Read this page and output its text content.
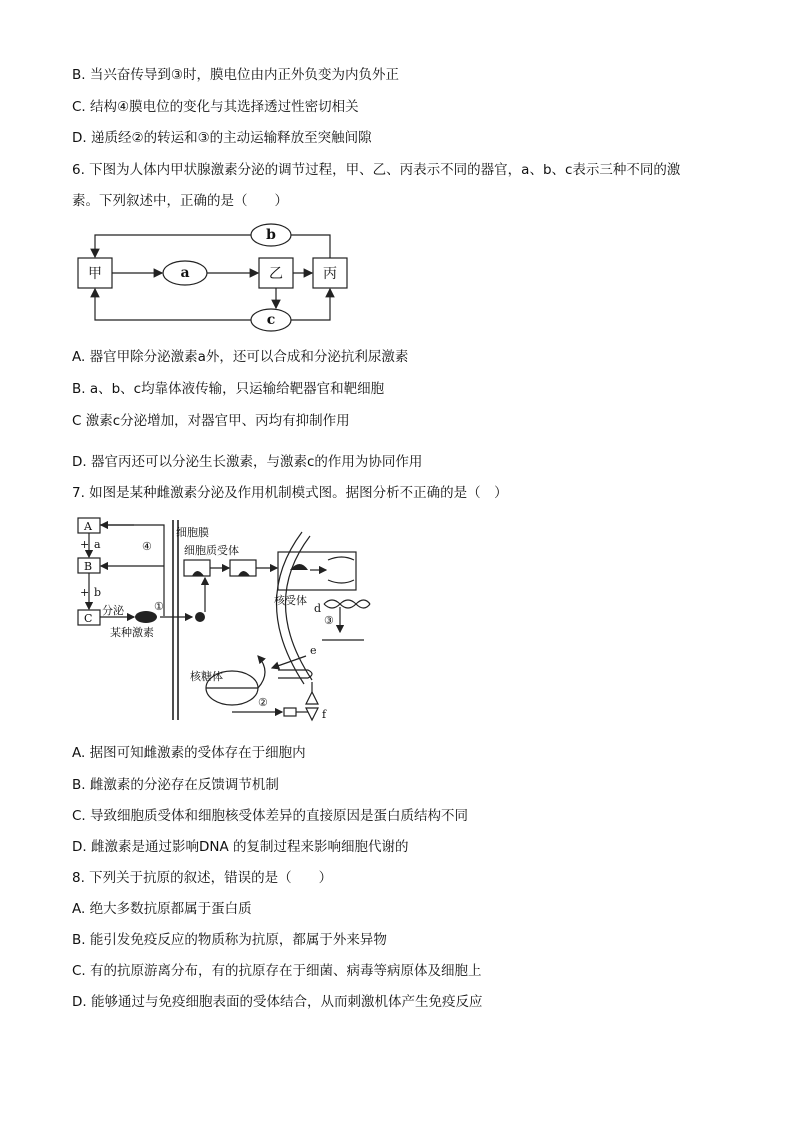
B. 当兴奋传导到③时，膜电位由内正外负变为内负外正
C. 结构④膜电位的变化与其选择透过性密切相关
D. 递质经②的转运和③的主动运输释放至突触间隙
6. 下图为人体内甲状腺激素分泌的调节过程，甲、乙、丙表示不同的器官，a、b、c表示三种不同的激
素。下列叙述中，正确的是（　　）
甲	乙	丙
a
b
c
A. 器官甲除分泌激素a外，还可以合成和分泌抗利尿激素
B. a、b、c均靠体液传输，只运输给靶器官和靶细胞
C 激素c分泌增加，对器官甲、丙均有抑制作用
D. 器官丙还可以分泌生长激素，与激素c的作用为协同作用
7. 如图是某种雌激素分泌及作用机制模式图。据图分析不正确的是（　）
A
B
C
+ a
+ b
④
①
②
③
细胞膜
细胞质受体
核受体
分泌
某种激素
核糖体
d
e
f
A. 据图可知雌激素的受体存在于细胞内
B. 雌激素的分泌存在反馈调节机制
C. 导致细胞质受体和细胞核受体差异的直接原因是蛋白质结构不同
D. 雌激素是通过影响DNA 的复制过程来影响细胞代谢的
8. 下列关于抗原的叙述，错误的是（　　）
A. 绝大多数抗原都属于蛋白质
B. 能引发免疫反应的物质称为抗原，都属于外来异物
C. 有的抗原游离分布，有的抗原存在于细菌、病毒等病原体及细胞上
D. 能够通过与免疫细胞表面的受体结合，从而刺激机体产生免疫反应
